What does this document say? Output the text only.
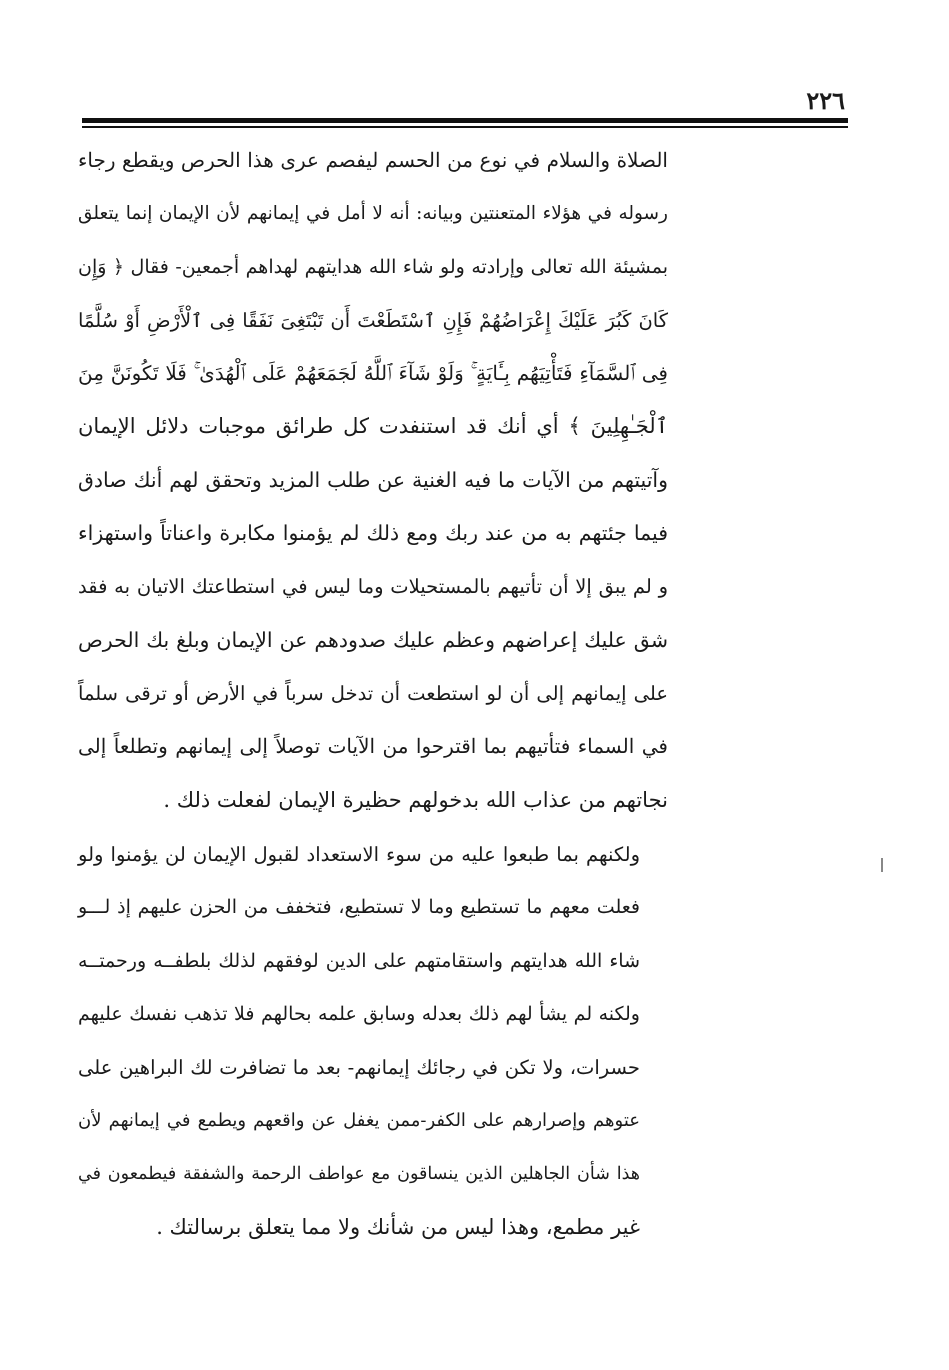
٢٢٦
الصلاة والسلام في نوع من الحسم ليفصم عرى هذا الحرص ويقطع رجاء
رسوله في هؤلاء المتعنتين وبيانه: أنه لا أمل في إيمانهم لأن الإيمان إنما يتعلق
بمشيئة الله تعالى وإرادته ولو شاء الله هدايتهم لهداهم أجمعين- فقال ﴿ وَإِن
كَانَ كَبُرَ عَلَيْكَ إِعْرَاضُهُمْ فَإِنِ ٱسْتَطَعْتَ أَن تَبْتَغِىَ نَفَقًا فِى ٱلْأَرْضِ أَوْ سُلَّمًا
فِى ٱلسَّمَآءِ فَتَأْتِيَهُم بِـَٔايَةٍ ۚ وَلَوْ شَآءَ ٱللَّهُ لَجَمَعَهُمْ عَلَى ٱلْهُدَىٰ ۚ فَلَا تَكُونَنَّ مِنَ
ٱلْجَـٰهِلِينَ ﴾ أي أنك قد استنفدت كل طرائق موجبات دلائل الإيمان
وآتيتهم من الآيات ما فيه الغنية عن طلب المزيد وتحقق لهم أنك صادق
فيما جئتهم به من عند ربك ومع ذلك لم يؤمنوا مكابرة واعناتاً واستهزاء
و لم يبق إلا أن تأتيهم بالمستحيلات وما ليس في استطاعتك الاتيان به فقد
شق عليك إعراضهم وعظم عليك صدودهم عن الإيمان وبلغ بك الحرص
على إيمانهم إلى أن لو استطعت أن تدخل سرباً في الأرض أو ترقى سلماً
في السماء فتأتيهم بما اقترحوا من الآيات توصلاً إلى إيمانهم وتطلعاً إلى
نجاتهم من عذاب الله بدخولهم حظيرة الإيمان لفعلت ذلك .
ولكنهم بما طبعوا عليه من سوء الاستعداد لقبول الإيمان لن يؤمنوا ولو
فعلت معهم ما تستطيع وما لا تستطيع، فتخفف من الحزن عليهم إذ لـــو
شاء الله هدايتهم واستقامتهم على الدين لوفقهم لذلك بلطفــه ورحمتــه
ولكنه لم يشأ لهم ذلك بعدله وسابق علمه بحالهم فلا تذهب نفسك عليهم
حسرات، ولا تكن في رجائك إيمانهم- بعد ما تضافرت لك البراهين على
عتوهم وإصرارهم على الكفر-ممن يغفل عن واقعهم ويطمع في إيمانهم لأن
هذا شأن الجاهلين الذين ينساقون مع عواطف الرحمة والشفقة فيطمعون في
غير مطمع، وهذا ليس من شأنك ولا مما يتعلق برسالتك .
